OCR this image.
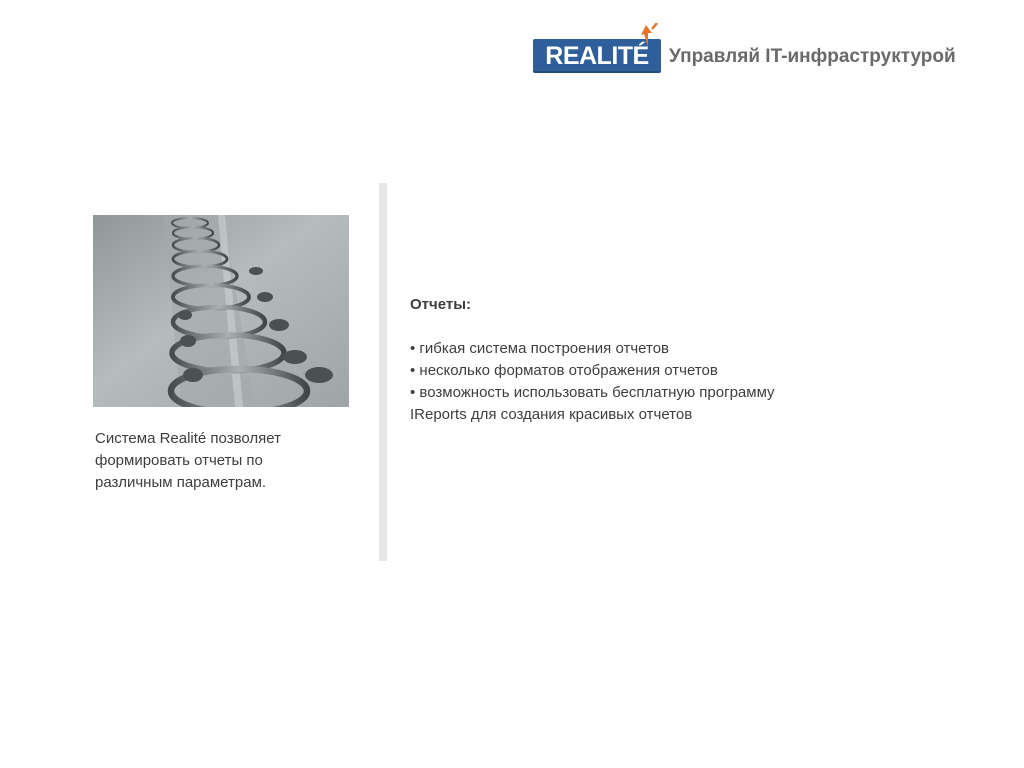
REALITÉ	Управляй IT-инфраструктурой
Система Realité позволяет
формировать отчеты по
различным параметрам.
Отчеты:
• гибкая система построения отчетов
• несколько форматов отображения отчетов
• возможность использовать бесплатную программу
IReports для создания красивых отчетов
